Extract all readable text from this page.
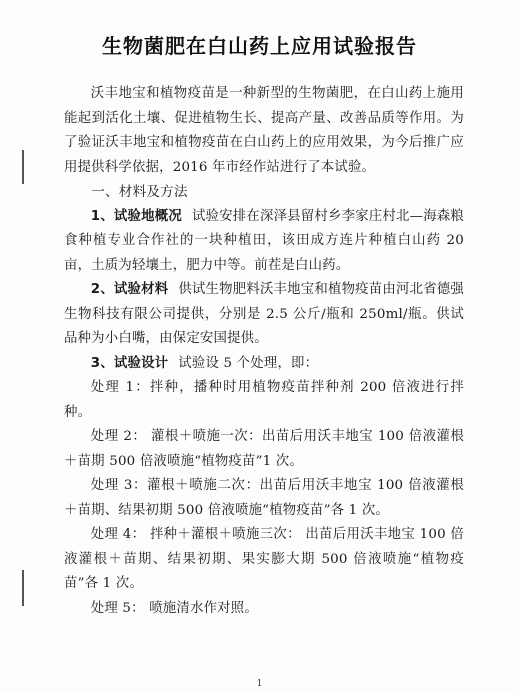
生物菌肥在白山药上应用试验报告

沃丰地宝和植物疫苗是一种新型的生物菌肥，在白山药上施用能起到活化土壤、促进植物生长、提高产量、改善品质等作用。为了验证沃丰地宝和植物疫苗在白山药上的应用效果，为今后推广应用提供科学依据，2016 年市经作站进行了本试验。

一、材料及方法

1、试验地概况 试验安排在深泽县留村乡李家庄村北—海森粮食种植专业合作社的一块种植田，该田成方连片种植白山药 20 亩，土质为轻壤土，肥力中等。前茬是白山药。

2、试验材料 供试生物肥料沃丰地宝和植物疫苗由河北省德强生物科技有限公司提供，分别是 2.5 公斤/瓶和 250ml/瓶。供试品种为小白嘴，由保定安国提供。

3、试验设计 试验设 5 个处理，即：

处理 1：拌种，播种时用植物疫苗拌种剂 200 倍液进行拌种。

处理 2： 灌根＋喷施一次：出苗后用沃丰地宝 100 倍液灌根＋苗期 500 倍液喷施“植物疫苗”1 次。

处理 3：灌根＋喷施二次：出苗后用沃丰地宝 100 倍液灌根＋苗期、结果初期 500 倍液喷施“植物疫苗”各 1 次。

处理 4： 拌种＋灌根＋喷施三次： 出苗后用沃丰地宝 100 倍液灌根＋苗期、结果初期、果实膨大期 500 倍液喷施“植物疫苗”各 1 次。

处理 5： 喷施清水作对照。

1
